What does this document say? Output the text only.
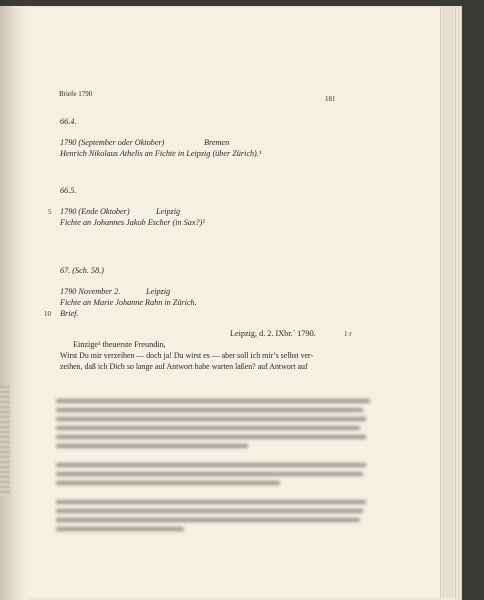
Briefe 1790
181
66.4.
1790 (September oder Oktober)	Bremen
Henrich Nikolaus Athelis an Fichte in Leipzig (über Zürich).¹
66.5.
5 1790 (Ende Oktober)	Leipzig
Fichte an Johannes Jakob Escher (in Sax?)²
67. (Sch. 58.)
1790 November 2.	Leipzig
Fichte an Marie Johanne Rahn in Zürich.
10 Brief.
Leipzig, d. 2. IXbr.´ 1790.	1 r
Einzige³ theuerste Freundin,
Wirst Du mir verzeihen — doch ja! Du wirst es — aber soll ich mir’s selbst ver-
zeihen, daß ich Dich so lange auf Antwort habe warten laßen? auf Antwort auf
